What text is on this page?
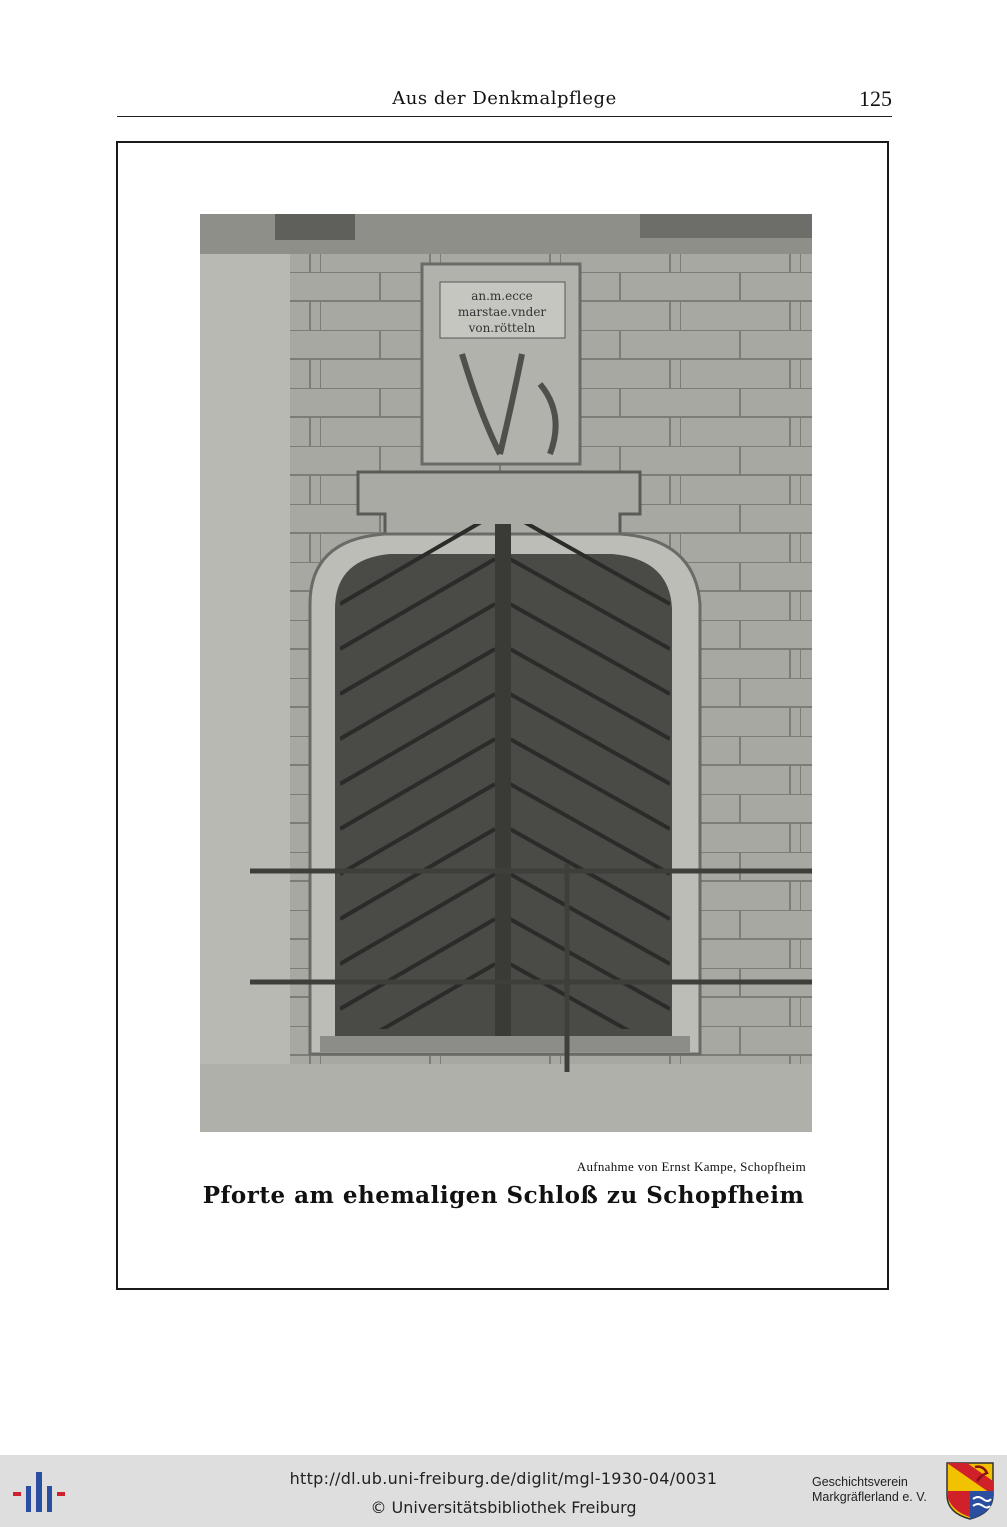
Aus der Denkmalpflege	125
an.m.ecce
marstae.vnder
von.rötteln
Aufnahme von Ernst Kampe, Schopfheim
Pforte am ehemaligen Schloß zu Schopfheim
http://dl.ub.uni-freiburg.de/diglit/mgl-1930-04/0031
© Universitätsbibliothek Freiburg
Geschichtsverein
Markgräflerland e. V.
